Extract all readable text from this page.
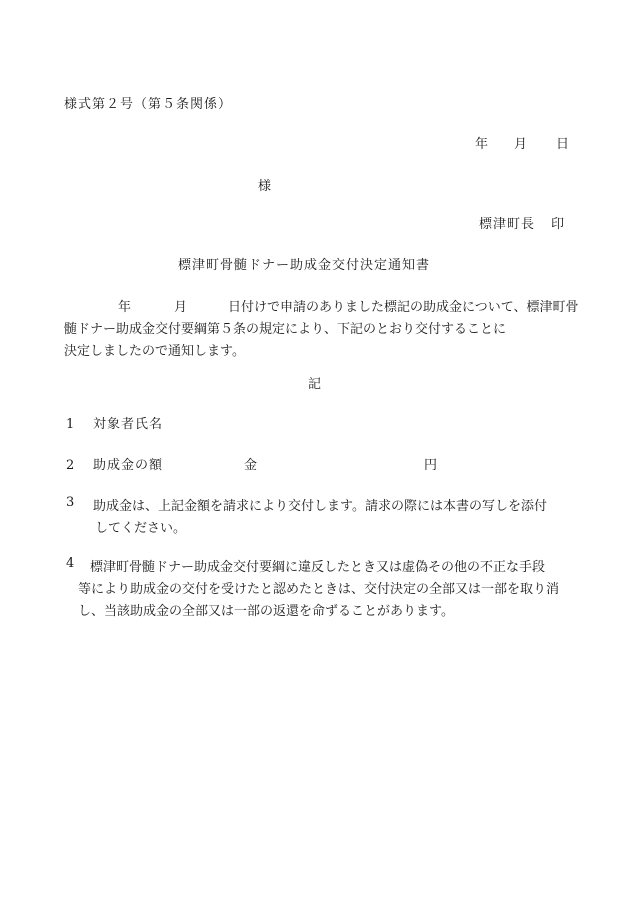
様式第２号（第５条関係）
年 月 日
様
標津町長 印
標津町骨髄ドナー助成金交付決定通知書
年	月	日付けで申請のありました標記の助成金について、標津町骨
髄ドナー助成金交付要綱第５条の規定により、下記のとおり交付することに
決定しましたので通知します。
記
1 対象者氏名
2 助成金の額	金	円
3 助成金は、上記金額を請求により交付します。請求の際には本書の写しを添付
してください。
4	標津町骨髄ドナー助成金交付要綱に違反したとき又は虚偽その他の不正な手段
等により助成金の交付を受けたと認めたときは、交付決定の全部又は一部を取り消
し、当該助成金の全部又は一部の返還を命ずることがあります。
